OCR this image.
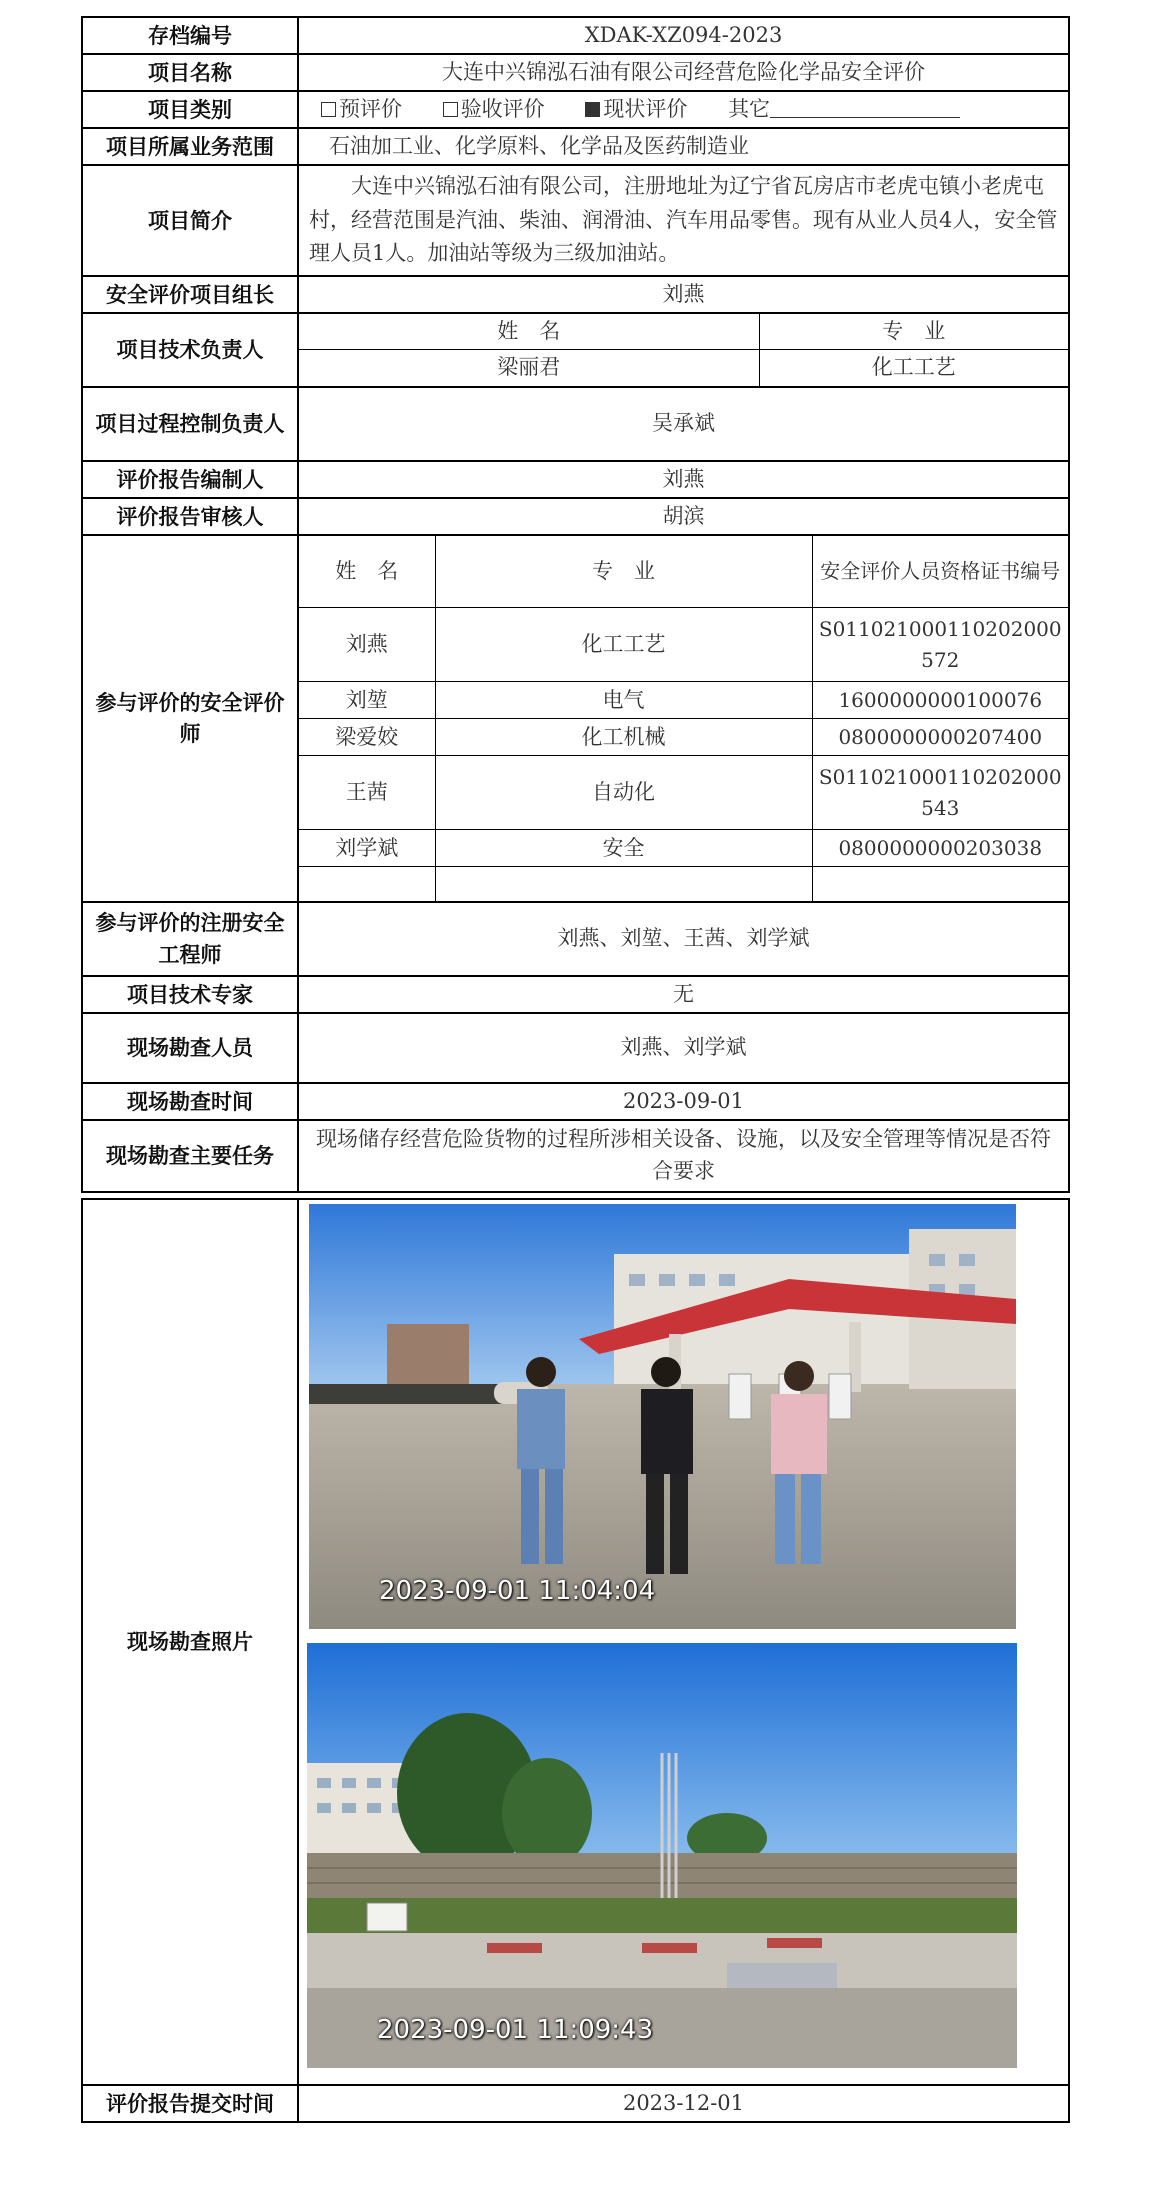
存档编号	XDAK-XZ094-2023
项目名称	大连中兴锦泓石油有限公司经营危险化学品安全评价
项目类别	预评价	验收评价	现状评价 其它
项目所属业务范围	石油加工业、化学原料、化学品及医药制造业
项目简介	大连中兴锦泓石油有限公司，注册地址为辽宁省瓦房店市老虎屯镇小老虎屯村，经营范围是汽油、柴油、润滑油、汽车用品零售。现有从业人员4人，安全管理人员1人。加油站等级为三级加油站。
安全评价项目组长	刘燕
项目技术负责人	
姓　名	专　业
梁丽君	化工工艺

项目过程控制负责人	吴承斌
评价报告编制人	刘燕
评价报告审核人	胡滨
参与评价的安全评价师	
姓　名	专　业	安全评价人员资格证书编号
刘燕	化工工艺	S011021000110202000572
刘堃	电气	1600000000100076
梁爱姣	化工机械	0800000000207400
王茜	自动化	S011021000110202000543
刘学斌	安全	0800000000203038

参与评价的注册安全工程师	刘燕、刘堃、王茜、刘学斌
项目技术专家	无
现场勘查人员	刘燕、刘学斌
现场勘查时间	2023-09-01
现场勘查主要任务	现场储存经营危险货物的过程所涉相关设备、设施，以及安全管理等情况是否符合要求
现场勘查照片	2023-09-01 11:04:04
2023-09-01 11:09:43

评价报告提交时间	2023-12-01
